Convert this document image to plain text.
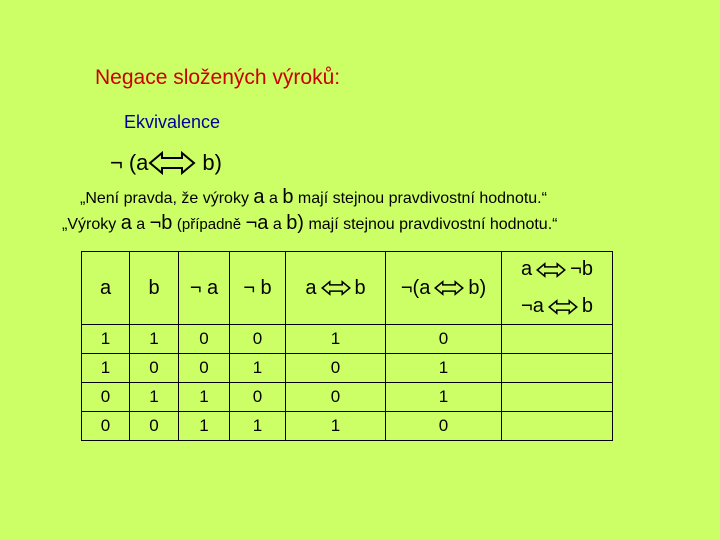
Negace složených výroků:
Ekvivalence
¬ (a b)
„Není pravda, že výroky a a b mají stejnou pravdivostní hodnotu.“
„Výroky a a ¬b (případně ¬a a b) mají stejnou pravdivostní hodnotu.“
a	b	¬ a	¬ b	a b	¬(a b)	a ¬b
¬a b

1	1	0	0	1	0	
1	0	0	1	0	1	
0	1	1	0	0	1	
0	0	1	1	1	0	
